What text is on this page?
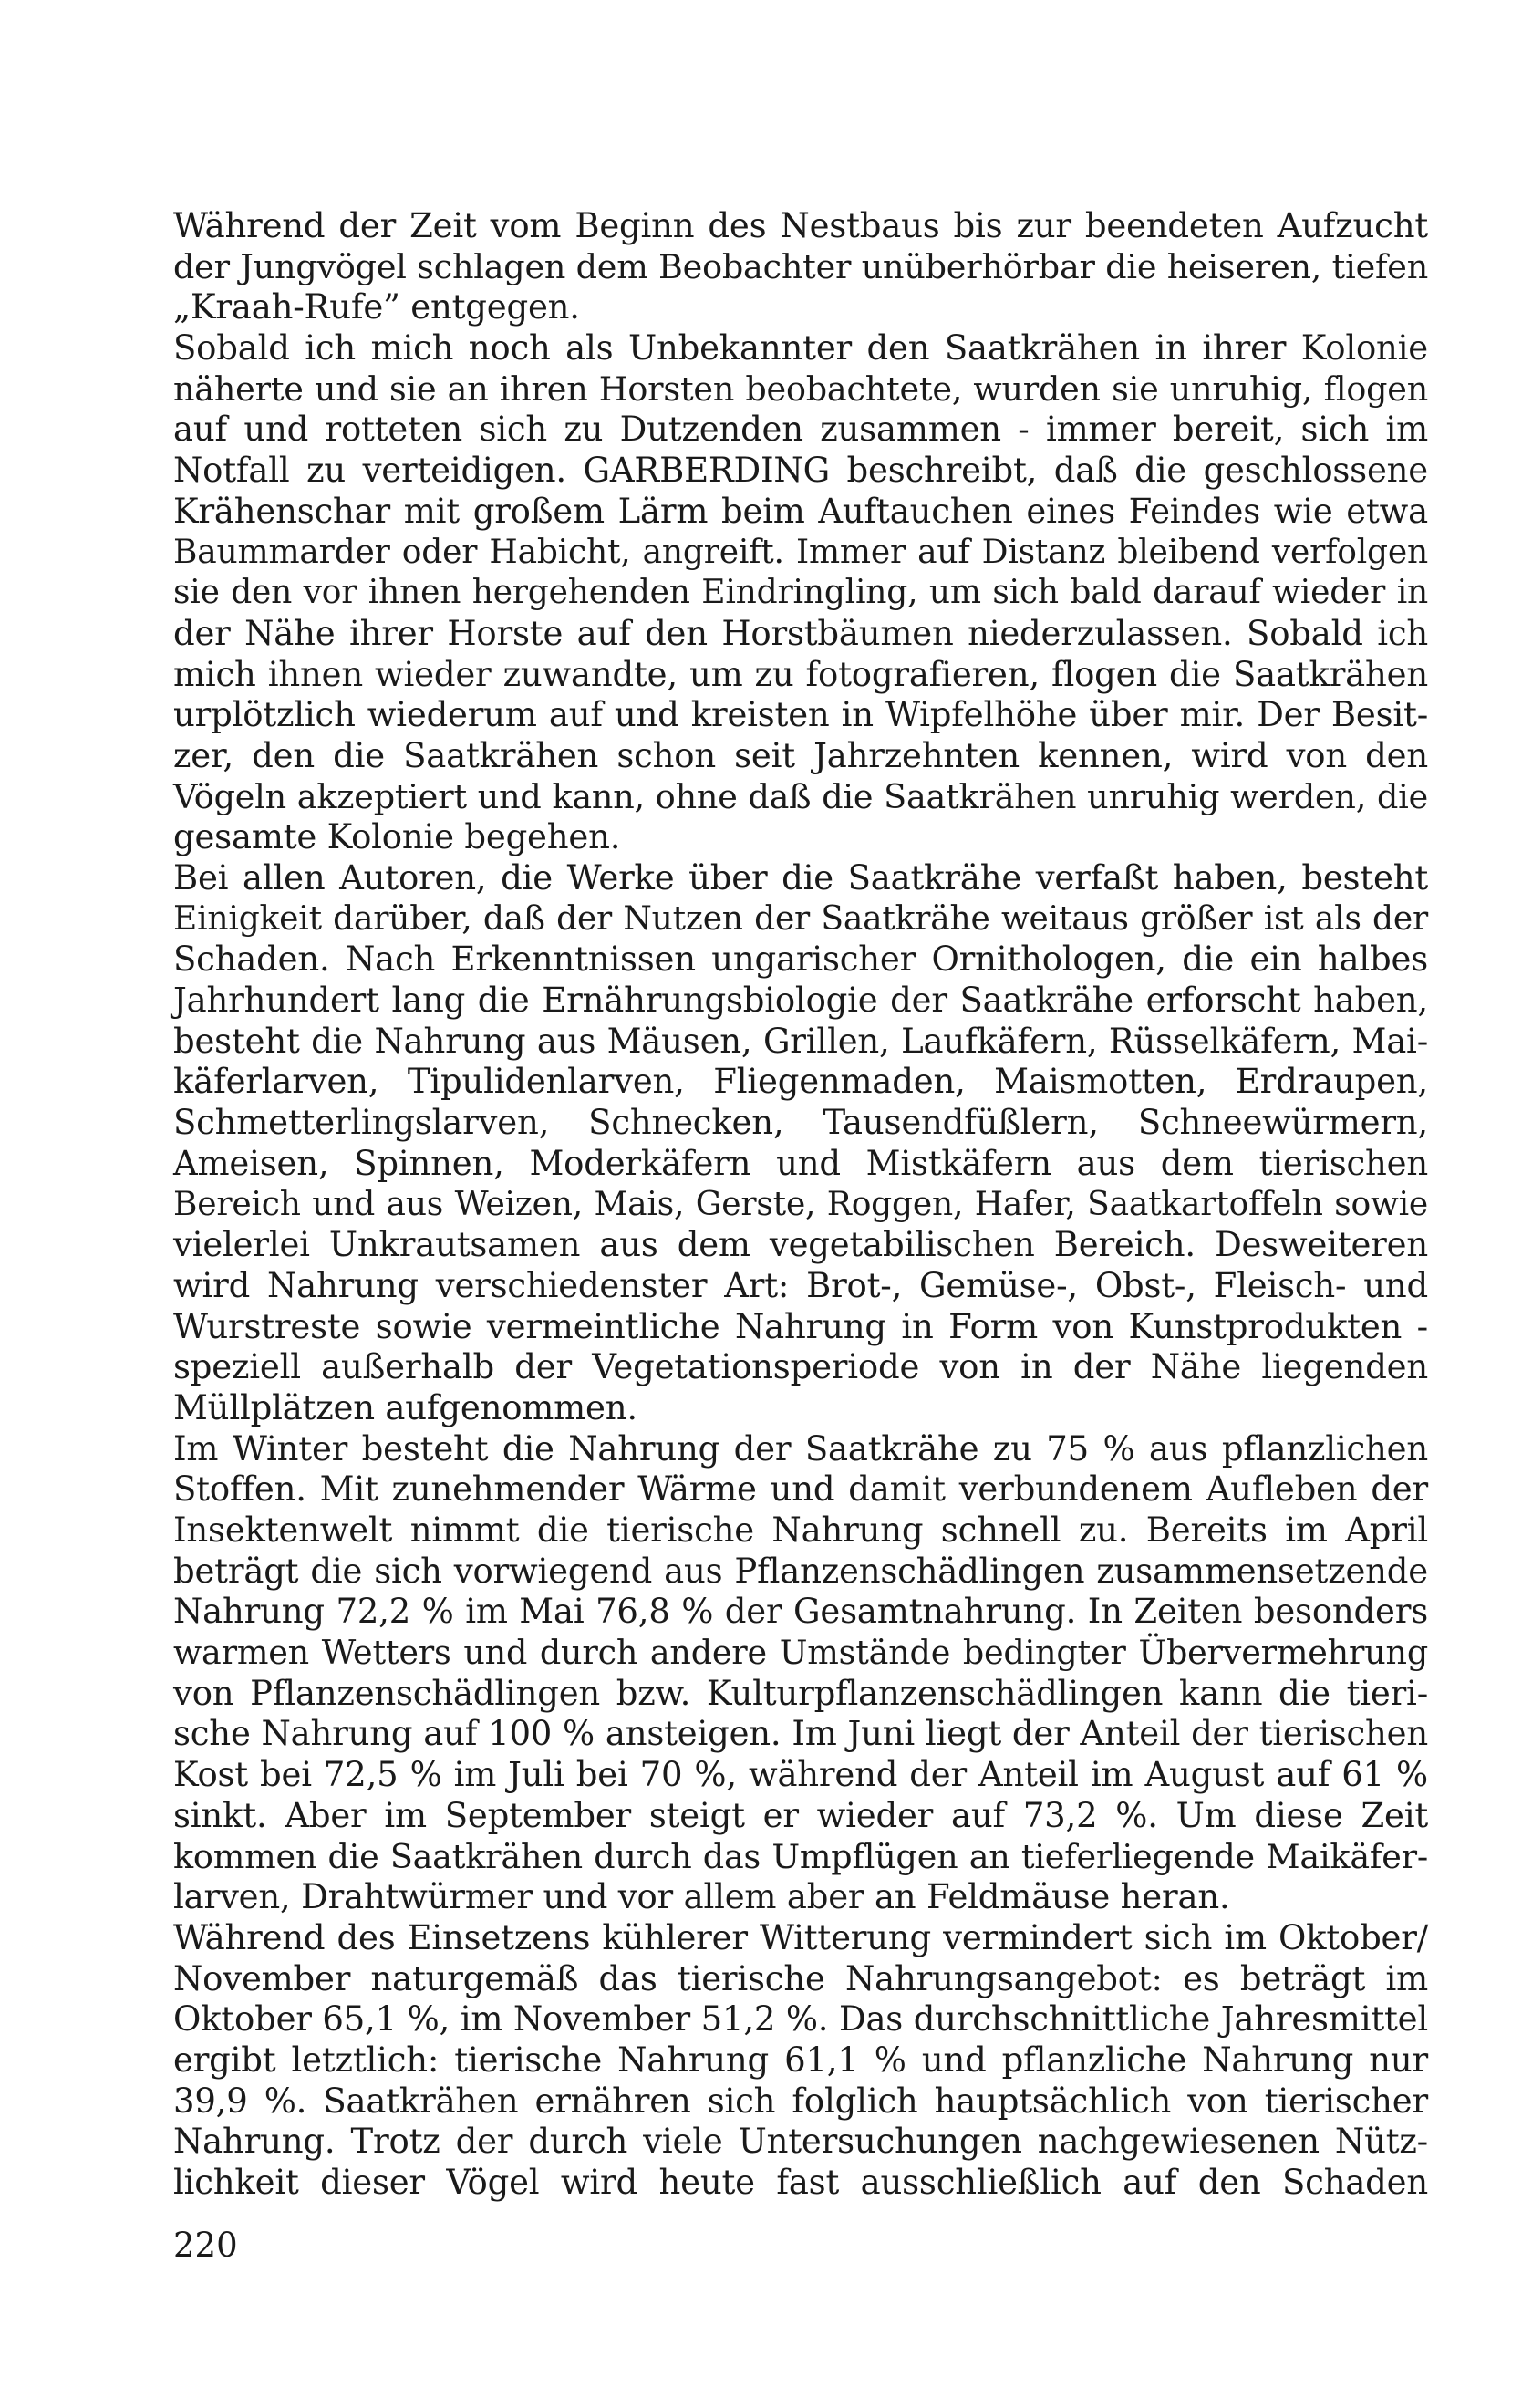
Während der Zeit vom Beginn des Nestbaus bis zur beendeten Aufzucht
der Jungvögel schlagen dem Beobachter unüberhörbar die heiseren, tiefen
„Kraah-Rufe” entgegen.
Sobald ich mich noch als Unbekannter den Saatkrähen in ihrer Kolonie
näherte und sie an ihren Horsten beobachtete, wurden sie unruhig, flogen
auf und rotteten sich zu Dutzenden zusammen - immer bereit, sich im
Notfall zu verteidigen. GARBERDING beschreibt, daß die geschlossene
Krähenschar mit großem Lärm beim Auftauchen eines Feindes wie etwa
Baummarder oder Habicht, angreift. Immer auf Distanz bleibend verfolgen
sie den vor ihnen hergehenden Eindringling, um sich bald darauf wieder in
der Nähe ihrer Horste auf den Horstbäumen niederzulassen. Sobald ich
mich ihnen wieder zuwandte, um zu fotografieren, flogen die Saatkrähen
urplötzlich wiederum auf und kreisten in Wipfelhöhe über mir. Der Besit-
zer, den die Saatkrähen schon seit Jahrzehnten kennen, wird von den
Vögeln akzeptiert und kann, ohne daß die Saatkrähen unruhig werden, die
gesamte Kolonie begehen.
Bei allen Autoren, die Werke über die Saatkrähe verfaßt haben, besteht
Einigkeit darüber, daß der Nutzen der Saatkrähe weitaus größer ist als der
Schaden. Nach Erkenntnissen ungarischer Ornithologen, die ein halbes
Jahrhundert lang die Ernährungsbiologie der Saatkrähe erforscht haben,
besteht die Nahrung aus Mäusen, Grillen, Laufkäfern, Rüsselkäfern, Mai-
käferlarven, Tipulidenlarven, Fliegenmaden, Maismotten, Erdraupen,
Schmetterlingslarven, Schnecken, Tausendfüßlern, Schneewürmern,
Ameisen, Spinnen, Moderkäfern und Mistkäfern aus dem tierischen
Bereich und aus Weizen, Mais, Gerste, Roggen, Hafer, Saatkartoffeln sowie
vielerlei Unkrautsamen aus dem vegetabilischen Bereich. Desweiteren
wird Nahrung verschiedenster Art: Brot-, Gemüse-, Obst-, Fleisch- und
Wurstreste sowie vermeintliche Nahrung in Form von Kunstprodukten -
speziell außerhalb der Vegetationsperiode von in der Nähe liegenden
Müllplätzen aufgenommen.
Im Winter besteht die Nahrung der Saatkrähe zu 75 % aus pflanzlichen
Stoffen. Mit zunehmender Wärme und damit verbundenem Aufleben der
Insektenwelt nimmt die tierische Nahrung schnell zu. Bereits im April
beträgt die sich vorwiegend aus Pflanzenschädlingen zusammensetzende
Nahrung 72,2 % im Mai 76,8 % der Gesamtnahrung. In Zeiten besonders
warmen Wetters und durch andere Umstände bedingter Übervermehrung
von Pflanzenschädlingen bzw. Kulturpflanzenschädlingen kann die tieri-
sche Nahrung auf 100 % ansteigen. Im Juni liegt der Anteil der tierischen
Kost bei 72,5 % im Juli bei 70 %, während der Anteil im August auf 61 %
sinkt. Aber im September steigt er wieder auf 73,2 %. Um diese Zeit
kommen die Saatkrähen durch das Umpflügen an tieferliegende Maikäfer-
larven, Drahtwürmer und vor allem aber an Feldmäuse heran.
Während des Einsetzens kühlerer Witterung vermindert sich im Oktober/
November naturgemäß das tierische Nahrungsangebot: es beträgt im
Oktober 65,1 %, im November 51,2 %. Das durchschnittliche Jahresmittel
ergibt letztlich: tierische Nahrung 61,1 % und pflanzliche Nahrung nur
39,9 %. Saatkrähen ernähren sich folglich hauptsächlich von tierischer
Nahrung. Trotz der durch viele Untersuchungen nachgewiesenen Nütz-
lichkeit dieser Vögel wird heute fast ausschließlich auf den Schaden
220
